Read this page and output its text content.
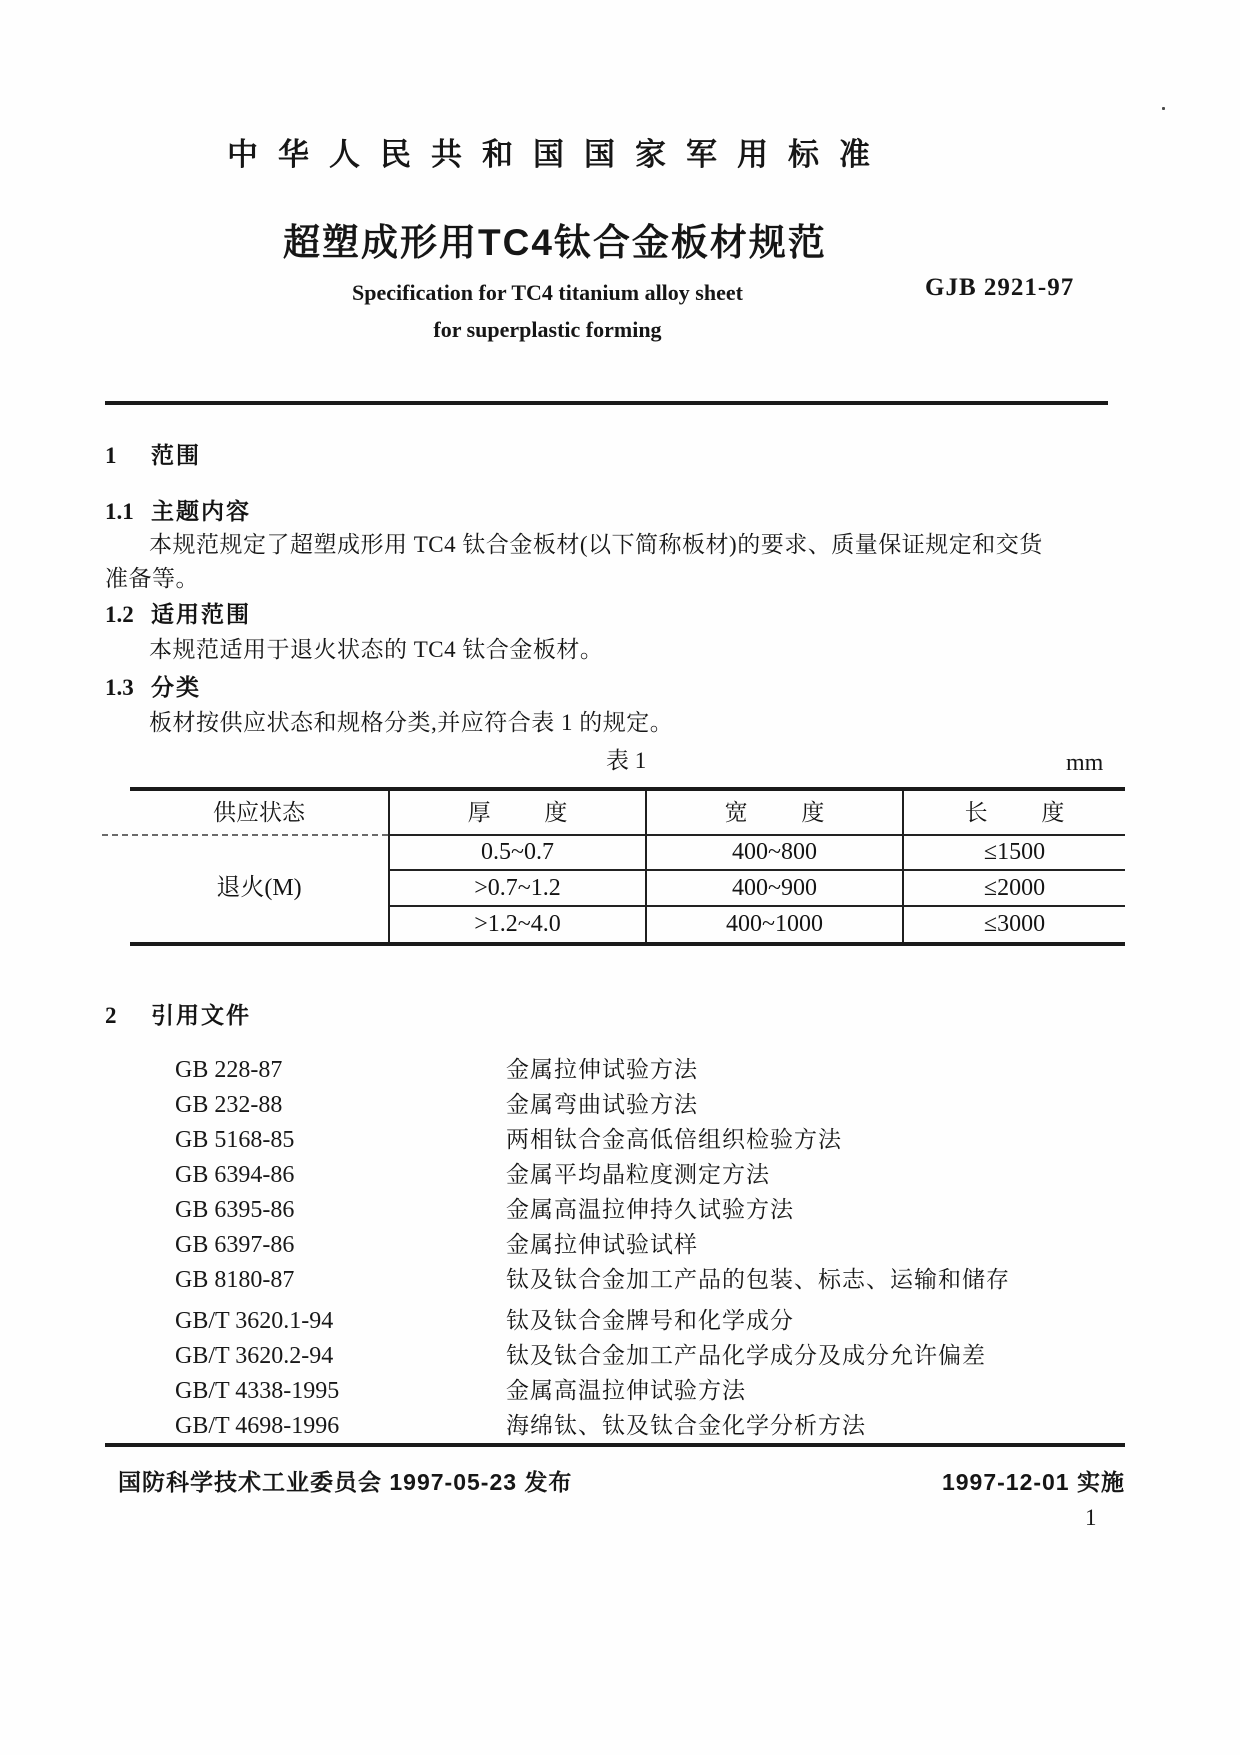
中华人民共和国国家军用标准
超塑成形用TC4钛合金板材规范
Specification for TC4 titanium alloy sheet
for superplastic forming
GJB 2921-97
1 范围
1.1 主题内容
本规范规定了超塑成形用 TC4 钛合金板材(以下简称板材)的要求、质量保证规定和交货
准备等。
1.2 适用范围
本规范适用于退火状态的 TC4 钛合金板材。
1.3 分类
板材按供应状态和规格分类,并应符合表 1 的规定。
表 1	mm
供应状态	厚 度	宽 度	长 度
退火(M)
0.5~0.7	400~800	≤1500
>0.7~1.2	400~900	≤2000
>1.2~4.0	400~1000	≤3000
2 引用文件
GB 228-87	金属拉伸试验方法
GB 232-88	金属弯曲试验方法
GB 5168-85	两相钛合金高低倍组织检验方法
GB 6394-86	金属平均晶粒度测定方法
GB 6395-86	金属高温拉伸持久试验方法
GB 6397-86	金属拉伸试验试样
GB 8180-87	钛及钛合金加工产品的包装、标志、运输和储存
GB/T 3620.1-94	钛及钛合金牌号和化学成分
GB/T 3620.2-94	钛及钛合金加工产品化学成分及成分允许偏差
GB/T 4338-1995	金属高温拉伸试验方法
GB/T 4698-1996	海绵钛、钛及钛合金化学分析方法
国防科学技术工业委员会 1997-05-23 发布	1997-12-01 实施
1
